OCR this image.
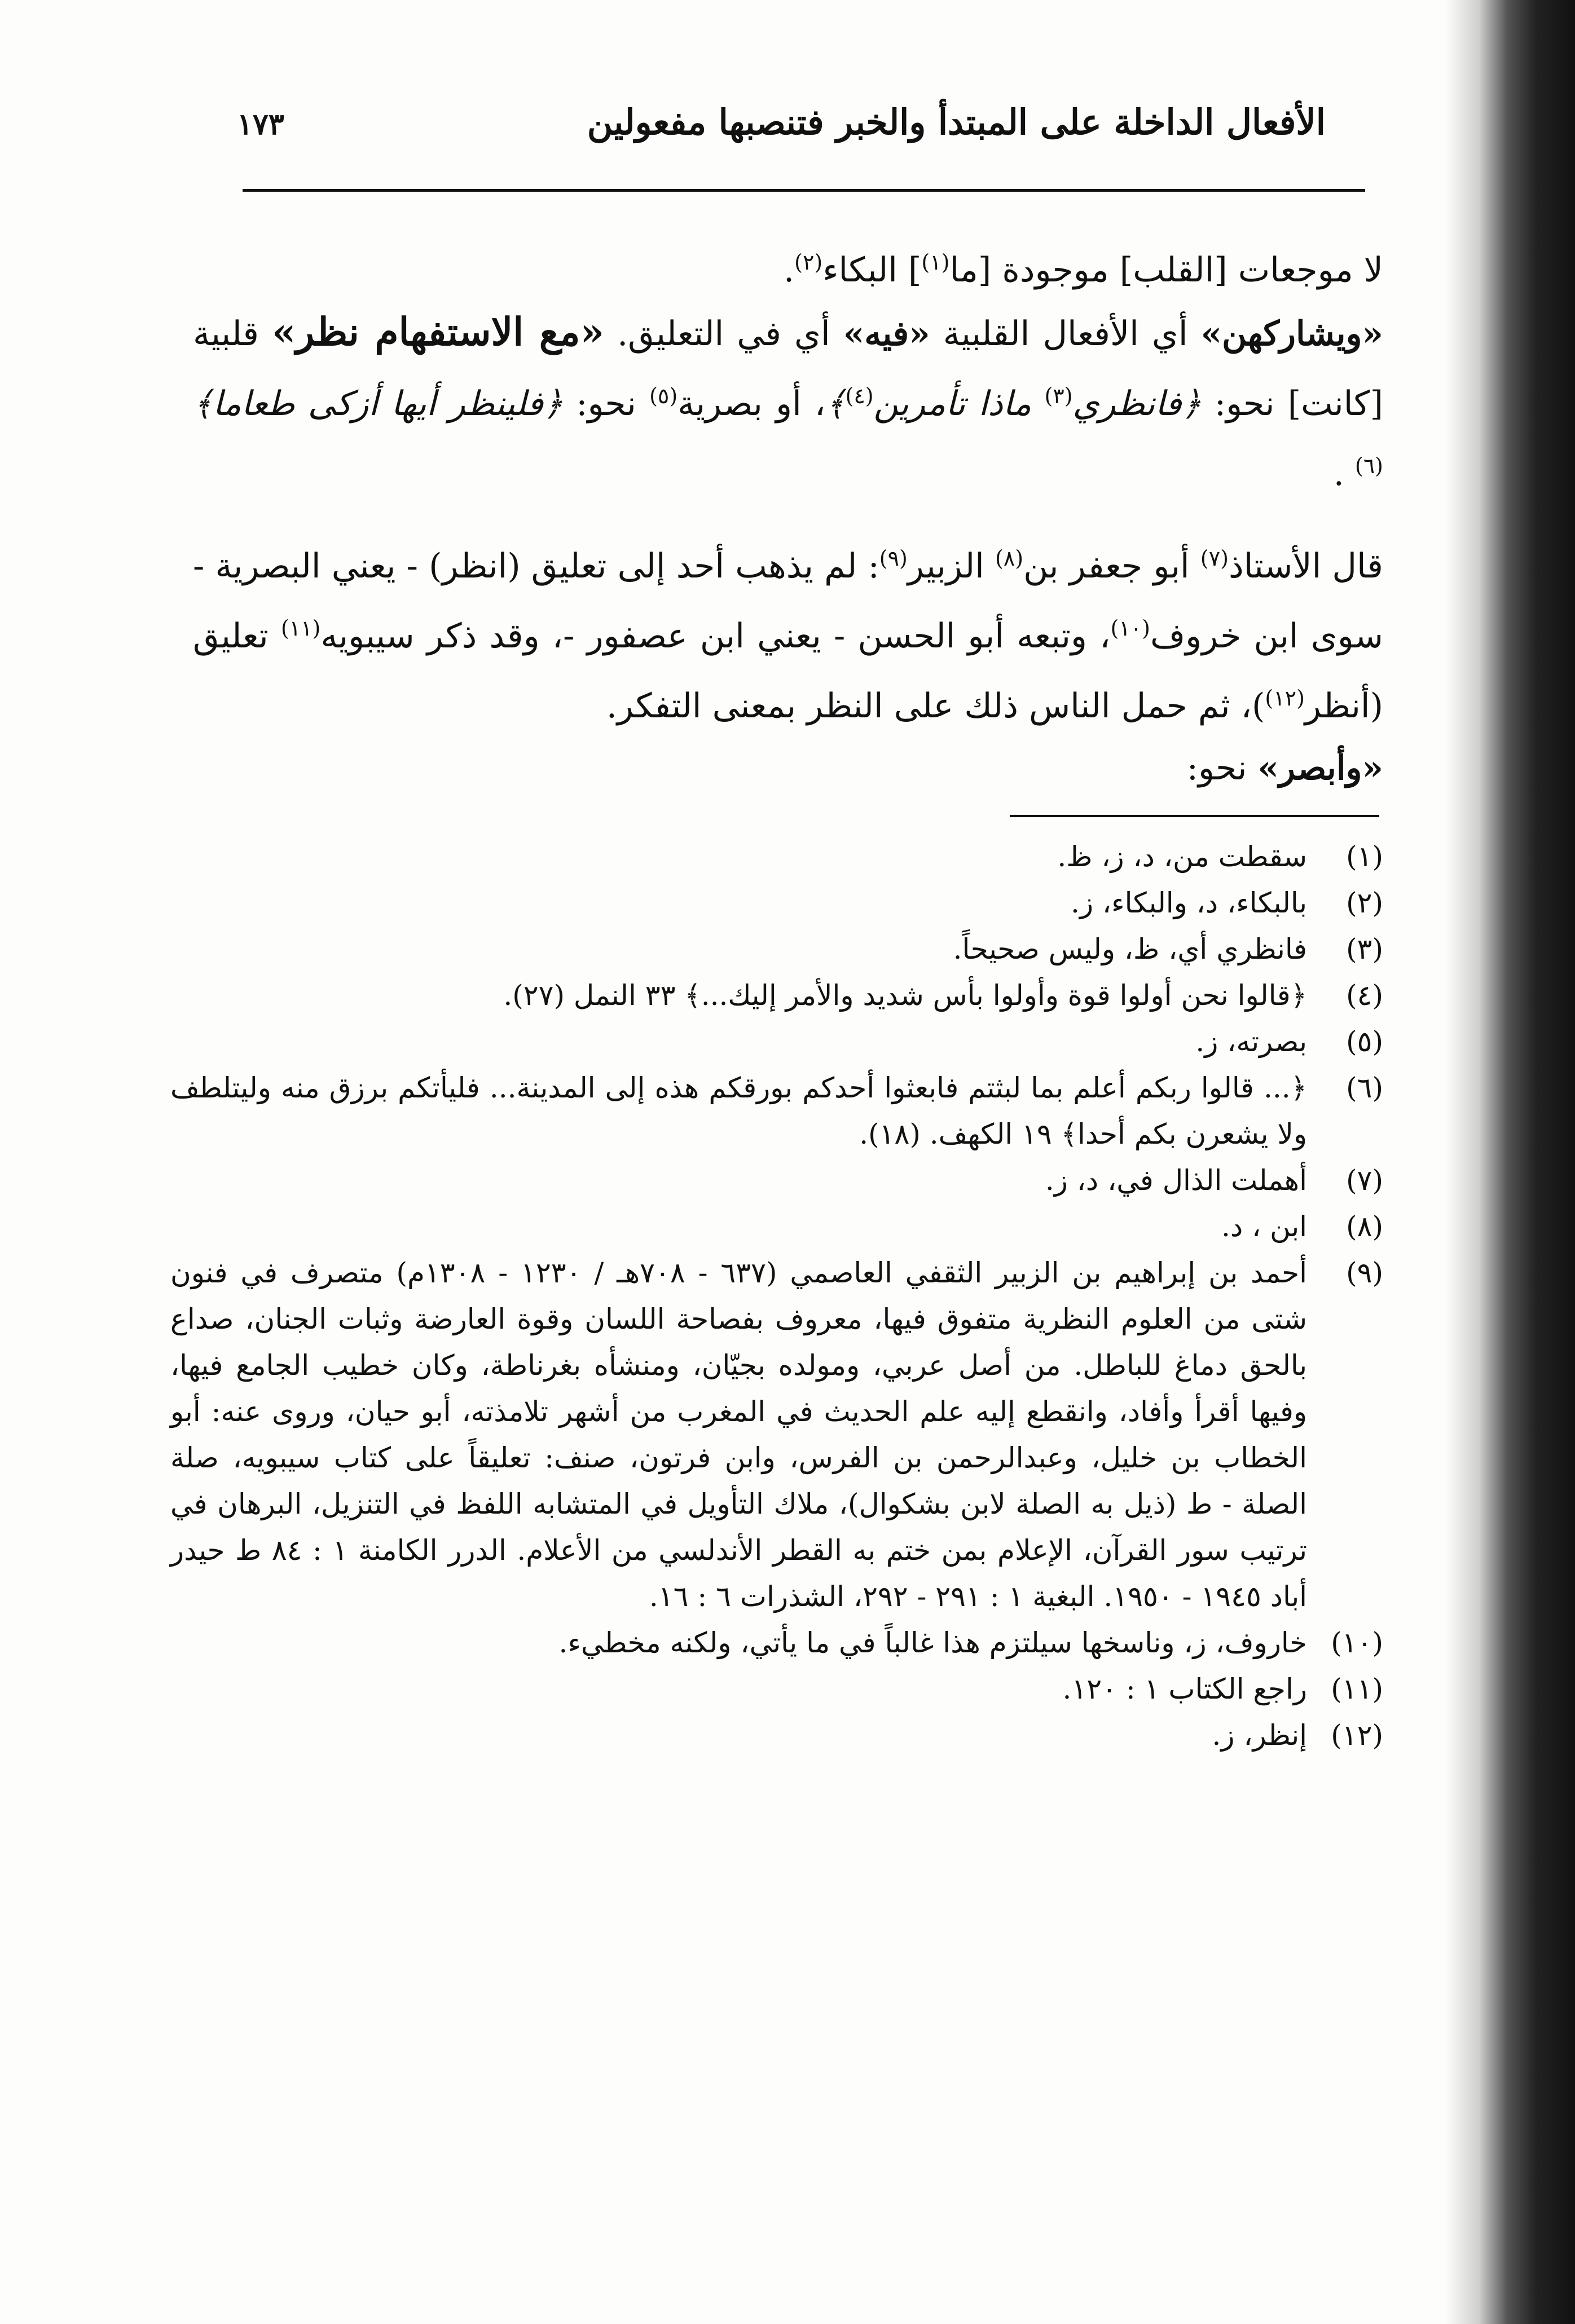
الأفعال الداخلة على المبتدأ والخبر فتنصبها مفعولين
١٧٣

لا موجعات [القلب] موجودة [ما$^{(١)}$] البكاء$^{(٢)}$.

«ويشاركهن» أي الأفعال القلبية «فيه» أي في التعليق. «مع الاستفهام نظر» قلبية [كانت] نحو: ﴿فانظري$^{(٣)}$ ماذا تأمرين$^{(٤)}$﴾، أو بصرية$^{(٥)}$ نحو: ﴿فلينظر أيها أزكى طعاما﴾$^{(٦)}$ .

قال الأستاذ$^{(٧)}$ أبو جعفر بن$^{(٨)}$ الزبير$^{(٩)}$: لم يذهب أحد إلى تعليق (انظر) - يعني البصرية - سوى ابن خروف$^{(١٠)}$، وتبعه أبو الحسن - يعني ابن عصفور -، وقد ذكر سيبويه$^{(١١)}$ تعليق (أنظر$^{(١٢)}$)، ثم حمل الناس ذلك على النظر بمعنى التفكر.

«وأبصر» نحو:

(١)
سقطت من، د، ز، ظ.
(٢)
بالبكاء، د، والبكاء، ز.
(٣)
فانظري أي، ظ، وليس صحيحاً.
(٤)
﴿قالوا نحن أولوا قوة وأولوا بأس شديد والأمر إليك...﴾ ٣٣ النمل (٢٧).
(٥)
بصرته، ز.
(٦)
﴿... قالوا ربكم أعلم بما لبثتم فابعثوا أحدكم بورقكم هذه إلى المدينة... فليأتكم برزق منه وليتلطف ولا يشعرن بكم أحدا﴾ ١٩ الكهف. (١٨).
(٧)
أهملت الذال في، د، ز.
(٨)
ابن ، د.
(٩)
أحمد بن إبراهيم بن الزبير الثقفي العاصمي (٦٣٧ - ٧٠٨هـ / ١٢٣٠ - ١٣٠٨م) متصرف في فنون شتى من العلوم النظرية متفوق فيها، معروف بفصاحة اللسان وقوة العارضة وثبات الجنان، صداع بالحق دماغ للباطل. من أصل عربي، ومولده بجيّان، ومنشأه بغرناطة، وكان خطيب الجامع فيها، وفيها أقرأ وأفاد، وانقطع إليه علم الحديث في المغرب من أشهر تلامذته، أبو حيان، وروى عنه: أبو الخطاب بن خليل، وعبدالرحمن بن الفرس، وابن فرتون، صنف: تعليقاً على كتاب سيبويه، صلة الصلة - ط (ذيل به الصلة لابن بشكوال)، ملاك التأويل في المتشابه اللفظ في التنزيل، البرهان في ترتيب سور القرآن، الإعلام بمن ختم به القطر الأندلسي من الأعلام. الدرر الكامنة ١ : ٨٤ ط حيدر أباد ١٩٤٥ - ١٩٥٠. البغية ١ : ٢٩١ - ٢٩٢، الشذرات ٦ : ١٦.
(١٠)
خاروف، ز، وناسخها سيلتزم هذا غالباً في ما يأتي، ولكنه مخطيء.
(١١)
راجع الكتاب ١ : ١٢٠.
(١٢)
إنظر، ز.
